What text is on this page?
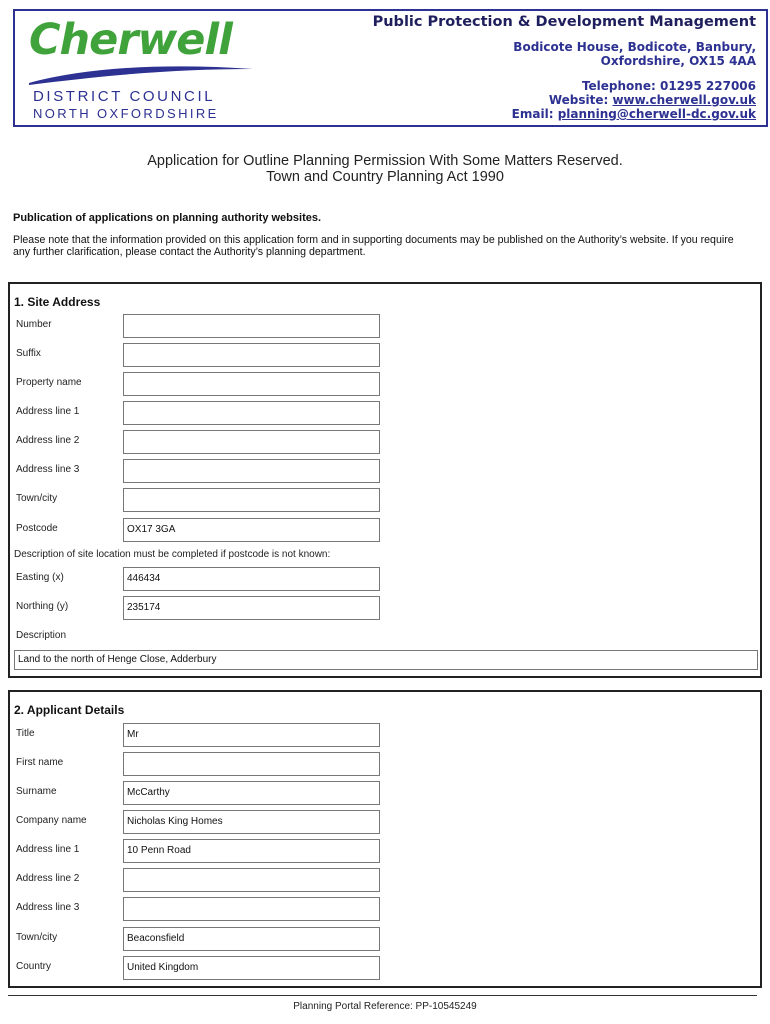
Cherwell
DISTRICT COUNCIL
NORTH OXFORDSHIRE
Public Protection & Development Management
Bodicote House, Bodicote, Banbury,
Oxfordshire, OX15 4AA
Telephone: 01295 227006
Website: www.cherwell.gov.uk
Email: planning@cherwell-dc.gov.uk
Application for Outline Planning Permission With Some Matters Reserved.
Town and Country Planning Act 1990
Publication of applications on planning authority websites.
Please note that the information provided on this application form and in supporting documents may be published on the Authority’s website. If you require any further clarification, please contact the Authority’s planning department.
1. Site Address
Number
Suffix
Property name
Address line 1
Address line 2
Address line 3
Town/city
Postcode	OX17 3GA
Description of site location must be completed if postcode is not known:
Easting (x)	446434
Northing (y)	235174
Description
Land to the north of Henge Close, Adderbury
2. Applicant Details
Title	Mr
First name
Surname	McCarthy
Company name	Nicholas King Homes
Address line 1	10 Penn Road
Address line 2
Address line 3
Town/city	Beaconsfield
Country	United Kingdom
Planning Portal Reference: PP-10545249
